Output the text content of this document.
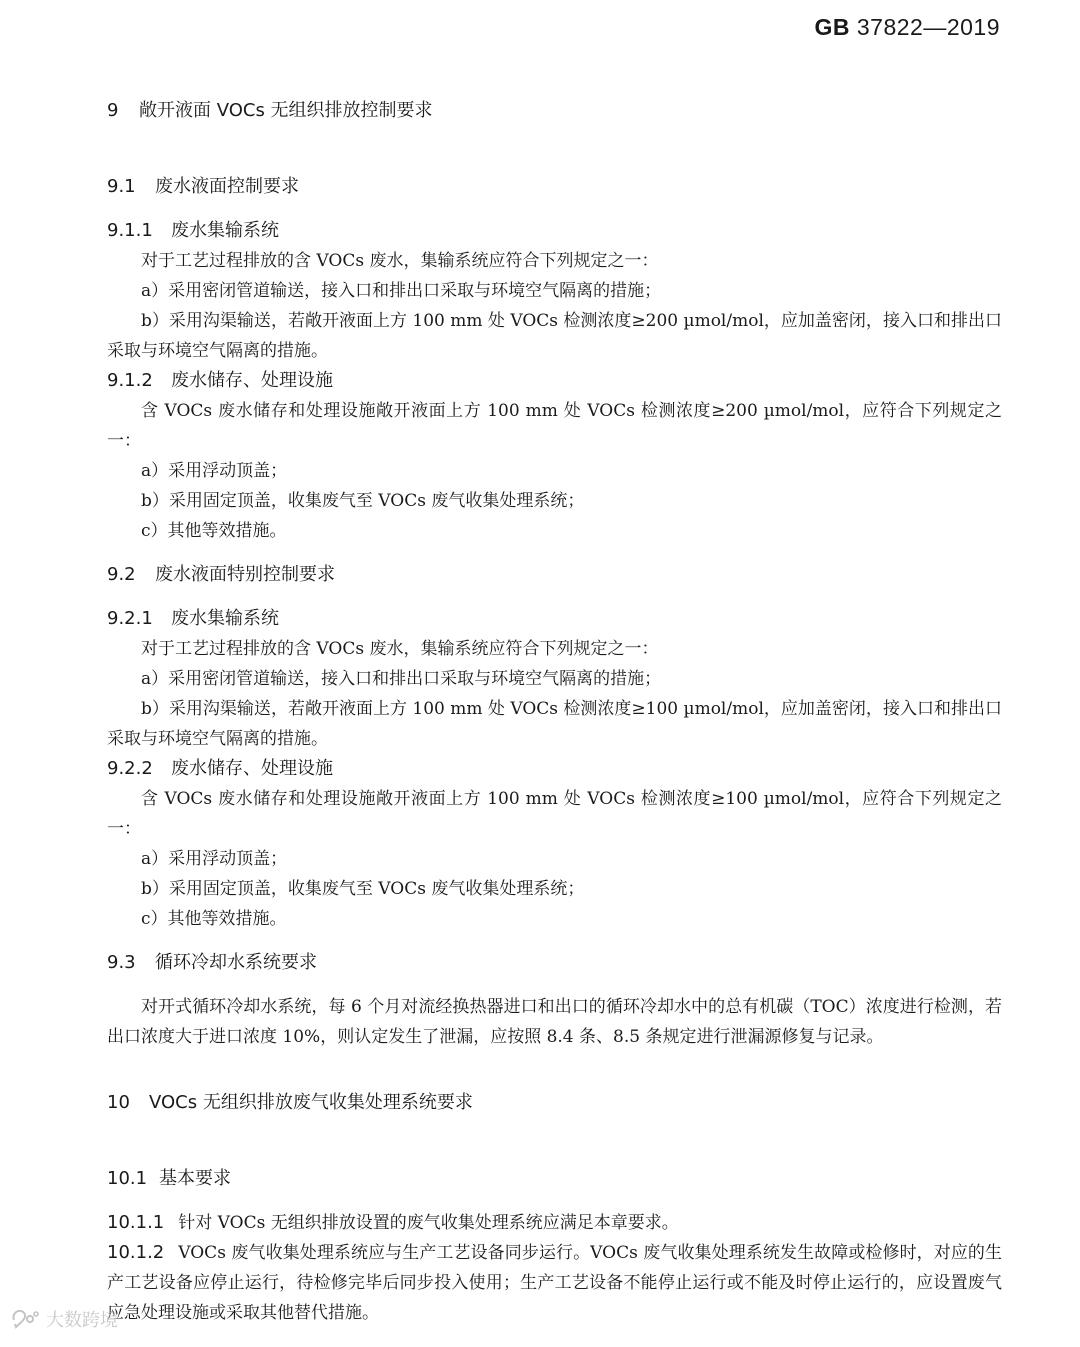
GB 37822—2019
9 敞开液面 VOCs 无组织排放控制要求
9.1 废水液面控制要求
9.1.1 废水集输系统
对于工艺过程排放的含 VOCs 废水，集输系统应符合下列规定之一：
a）采用密闭管道输送，接入口和排出口采取与环境空气隔离的措施；
b）采用沟渠输送，若敞开液面上方 100 mm 处 VOCs 检测浓度≥200 µmol/mol，应加盖密闭，接入口和排出口采取与环境空气隔离的措施。
9.1.2 废水储存、处理设施
含 VOCs 废水储存和处理设施敞开液面上方 100 mm 处 VOCs 检测浓度≥200 µmol/mol，应符合下列规定之一：
a）采用浮动顶盖；
b）采用固定顶盖，收集废气至 VOCs 废气收集处理系统；
c）其他等效措施。
9.2 废水液面特别控制要求
9.2.1 废水集输系统
对于工艺过程排放的含 VOCs 废水，集输系统应符合下列规定之一：
a）采用密闭管道输送，接入口和排出口采取与环境空气隔离的措施；
b）采用沟渠输送，若敞开液面上方 100 mm 处 VOCs 检测浓度≥100 µmol/mol，应加盖密闭，接入口和排出口采取与环境空气隔离的措施。
9.2.2 废水储存、处理设施
含 VOCs 废水储存和处理设施敞开液面上方 100 mm 处 VOCs 检测浓度≥100 µmol/mol，应符合下列规定之一：
a）采用浮动顶盖；
b）采用固定顶盖，收集废气至 VOCs 废气收集处理系统；
c）其他等效措施。
9.3 循环冷却水系统要求
对开式循环冷却水系统，每 6 个月对流经换热器进口和出口的循环冷却水中的总有机碳（TOC）浓度进行检测，若出口浓度大于进口浓度 10%，则认定发生了泄漏，应按照 8.4 条、8.5 条规定进行泄漏源修复与记录。
10 VOCs 无组织排放废气收集处理系统要求
10.1 基本要求
10.1.1 针对 VOCs 无组织排放设置的废气收集处理系统应满足本章要求。
10.1.2 VOCs 废气收集处理系统应与生产工艺设备同步运行。VOCs 废气收集处理系统发生故障或检修时，对应的生产工艺设备应停止运行，待检修完毕后同步投入使用；生产工艺设备不能停止运行或不能及时停止运行的，应设置废气应急处理设施或采取其他替代措施。
大数跨境
